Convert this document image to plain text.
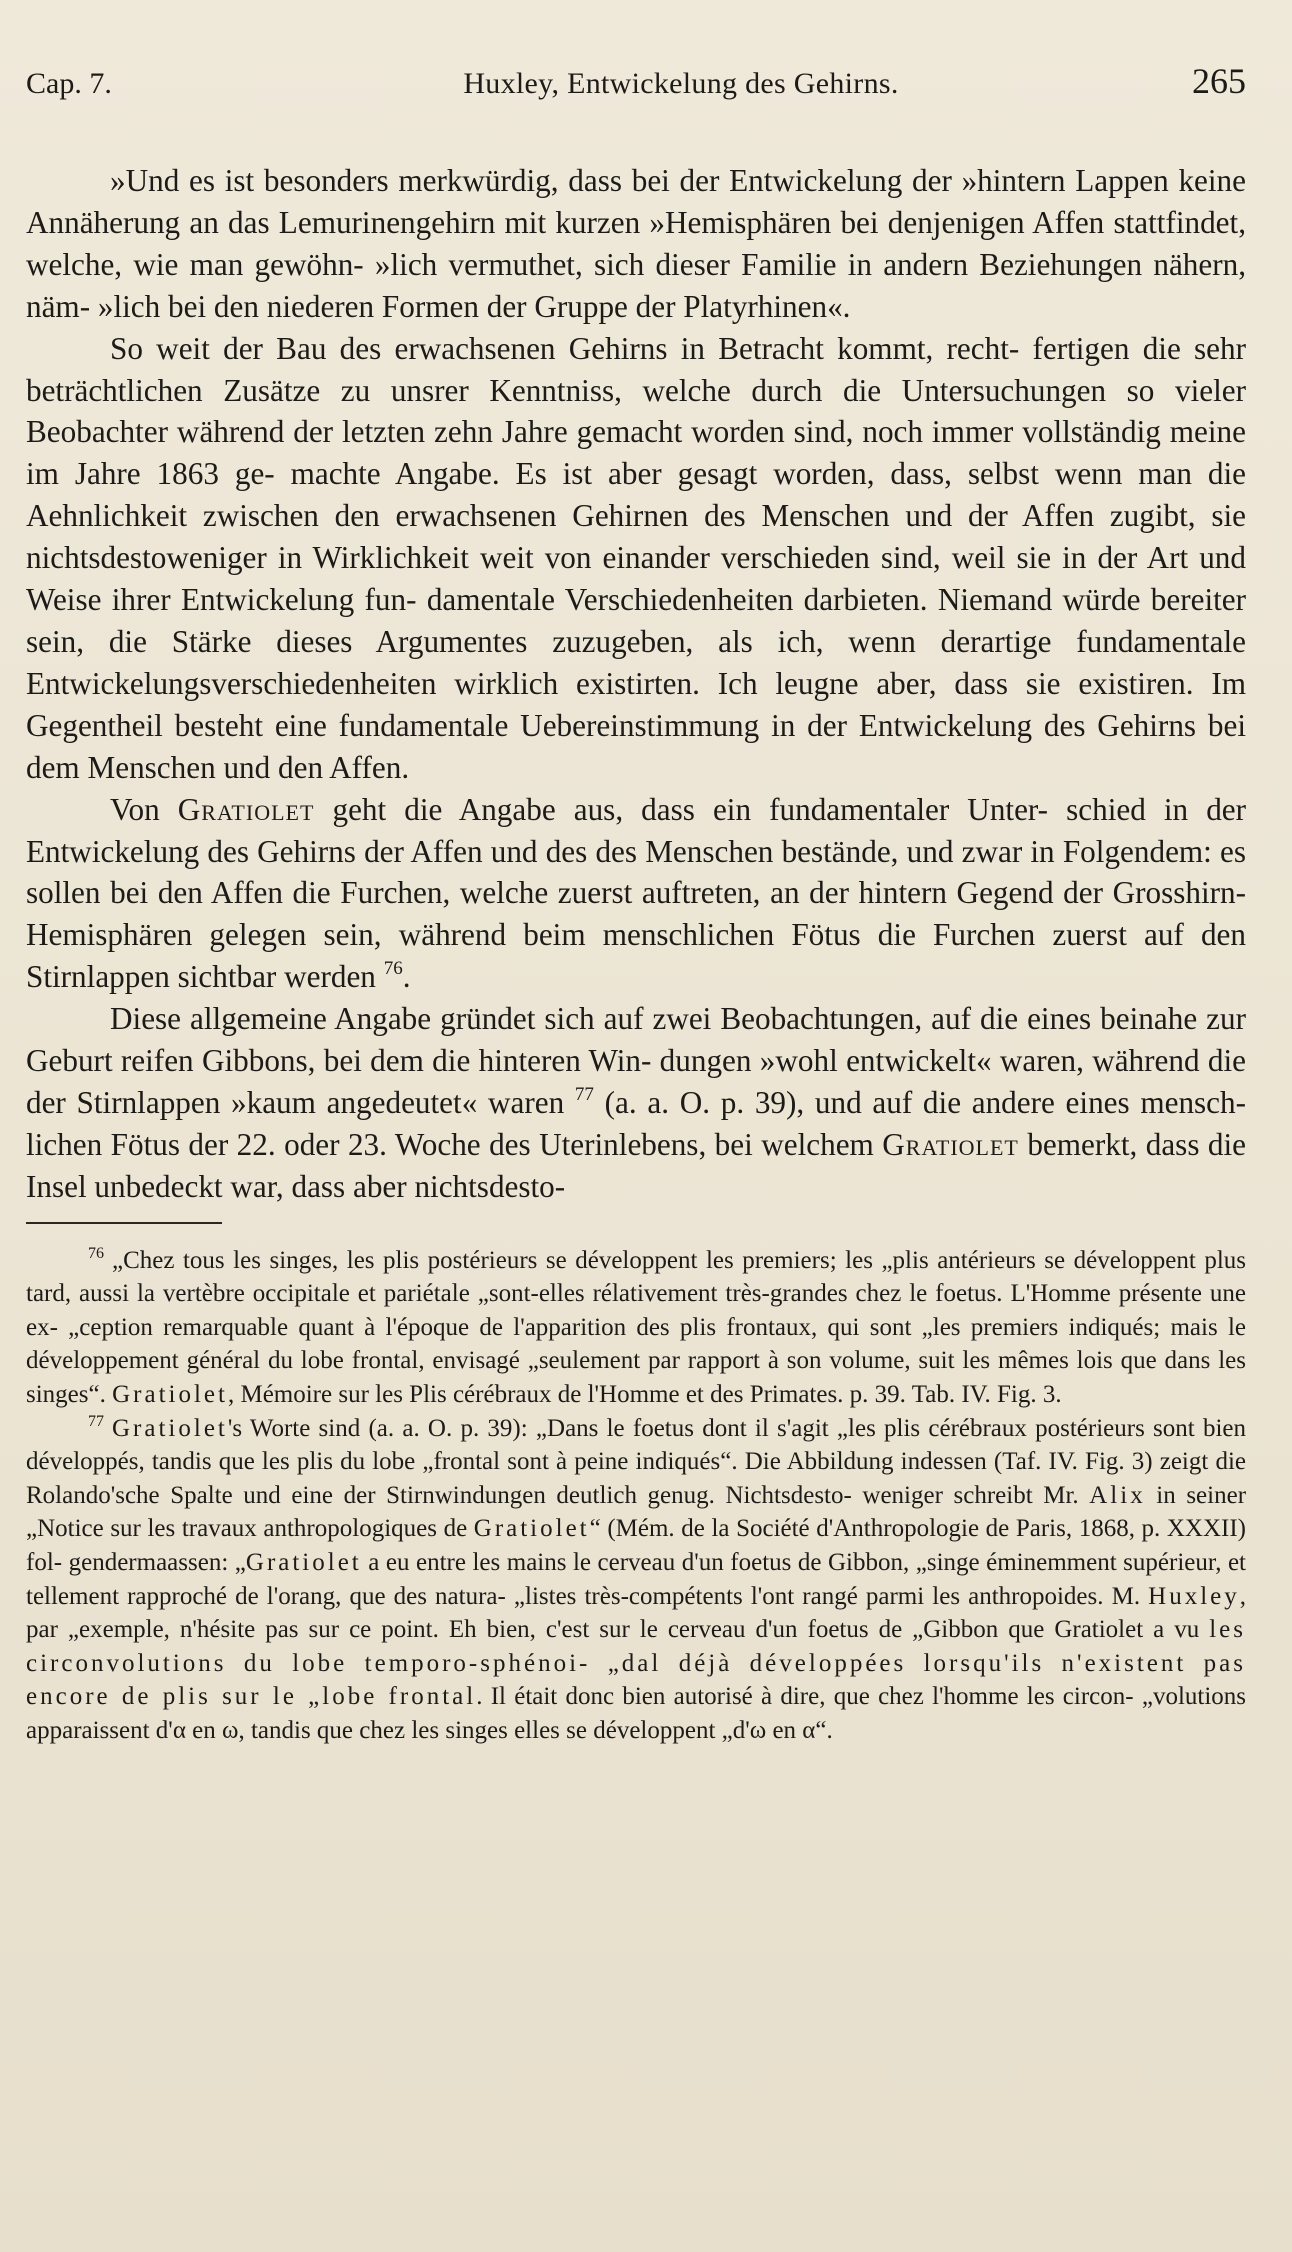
Cap. 7.	Huxley, Entwickelung des Gehirns.	265

»Und es ist besonders merkwürdig, dass bei der Entwickelung der »hintern Lappen keine Annäherung an das Lemurinengehirn mit kurzen »Hemisphären bei denjenigen Affen stattfindet, welche, wie man gewöhn- »lich vermuthet, sich dieser Familie in andern Beziehungen nähern, näm- »lich bei den niederen Formen der Gruppe der Platyrhinen«.

So weit der Bau des erwachsenen Gehirns in Betracht kommt, recht- fertigen die sehr beträchtlichen Zusätze zu unsrer Kenntniss, welche durch die Untersuchungen so vieler Beobachter während der letzten zehn Jahre gemacht worden sind, noch immer vollständig meine im Jahre 1863 ge- machte Angabe. Es ist aber gesagt worden, dass, selbst wenn man die Aehnlichkeit zwischen den erwachsenen Gehirnen des Menschen und der Affen zugibt, sie nichtsdestoweniger in Wirklichkeit weit von einander verschieden sind, weil sie in der Art und Weise ihrer Entwickelung fun- damentale Verschiedenheiten darbieten. Niemand würde bereiter sein, die Stärke dieses Argumentes zuzugeben, als ich, wenn derartige fundamentale Entwickelungsverschiedenheiten wirklich existirten. Ich leugne aber, dass sie existiren. Im Gegentheil besteht eine fundamentale Uebereinstimmung in der Entwickelung des Gehirns bei dem Menschen und den Affen.

Von Gratiolet geht die Angabe aus, dass ein fundamentaler Unter- schied in der Entwickelung des Gehirns der Affen und des des Menschen bestände, und zwar in Folgendem: es sollen bei den Affen die Furchen, welche zuerst auftreten, an der hintern Gegend der Grosshirn-Hemisphären gelegen sein, während beim menschlichen Fötus die Furchen zuerst auf den Stirnlappen sichtbar werden $^{76}$.

Diese allgemeine Angabe gründet sich auf zwei Beobachtungen, auf die eines beinahe zur Geburt reifen Gibbons, bei dem die hinteren Win- dungen »wohl entwickelt« waren, während die der Stirnlappen »kaum angedeutet« waren $^{77}$ (a. a. O. p. 39), und auf die andere eines mensch- lichen Fötus der 22. oder 23. Woche des Uterinlebens, bei welchem Gratiolet bemerkt, dass die Insel unbedeckt war, dass aber nichtsdesto-

$^{76}$ „Chez tous les singes, les plis postérieurs se développent les premiers; les „plis antérieurs se développent plus tard, aussi la vertèbre occipitale et pariétale „sont-elles rélativement très-grandes chez le foetus. L'Homme présente une ex- „ception remarquable quant à l'époque de l'apparition des plis frontaux, qui sont „les premiers indiqués; mais le développement général du lobe frontal, envisagé „seulement par rapport à son volume, suit les mêmes lois que dans les singes“. Gratiolet, Mémoire sur les Plis cérébraux de l'Homme et des Primates. p. 39. Tab. IV. Fig. 3.

$^{77}$ Gratiolet's Worte sind (a. a. O. p. 39): „Dans le foetus dont il s'agit „les plis cérébraux postérieurs sont bien développés, tandis que les plis du lobe „frontal sont à peine indiqués“. Die Abbildung indessen (Taf. IV. Fig. 3) zeigt die Rolando'sche Spalte und eine der Stirnwindungen deutlich genug. Nichtsdesto- weniger schreibt Mr. Alix in seiner „Notice sur les travaux anthropologiques de Gratiolet“ (Mém. de la Société d'Anthropologie de Paris, 1868, p. XXXII) fol- gendermaassen: „Gratiolet a eu entre les mains le cerveau d'un foetus de Gibbon, „singe éminemment supérieur, et tellement rapproché de l'orang, que des natura- „listes très-compétents l'ont rangé parmi les anthropoides. M. Huxley, par „exemple, n'hésite pas sur ce point. Eh bien, c'est sur le cerveau d'un foetus de „Gibbon que Gratiolet a vu les circonvolutions du lobe temporo-sphénoi- „dal déjà développées lorsqu'ils n'existent pas encore de plis sur le „lobe frontal. Il était donc bien autorisé à dire, que chez l'homme les circon- „volutions apparaissent d'α en ω, tandis que chez les singes elles se développent „d'ω en α“.
